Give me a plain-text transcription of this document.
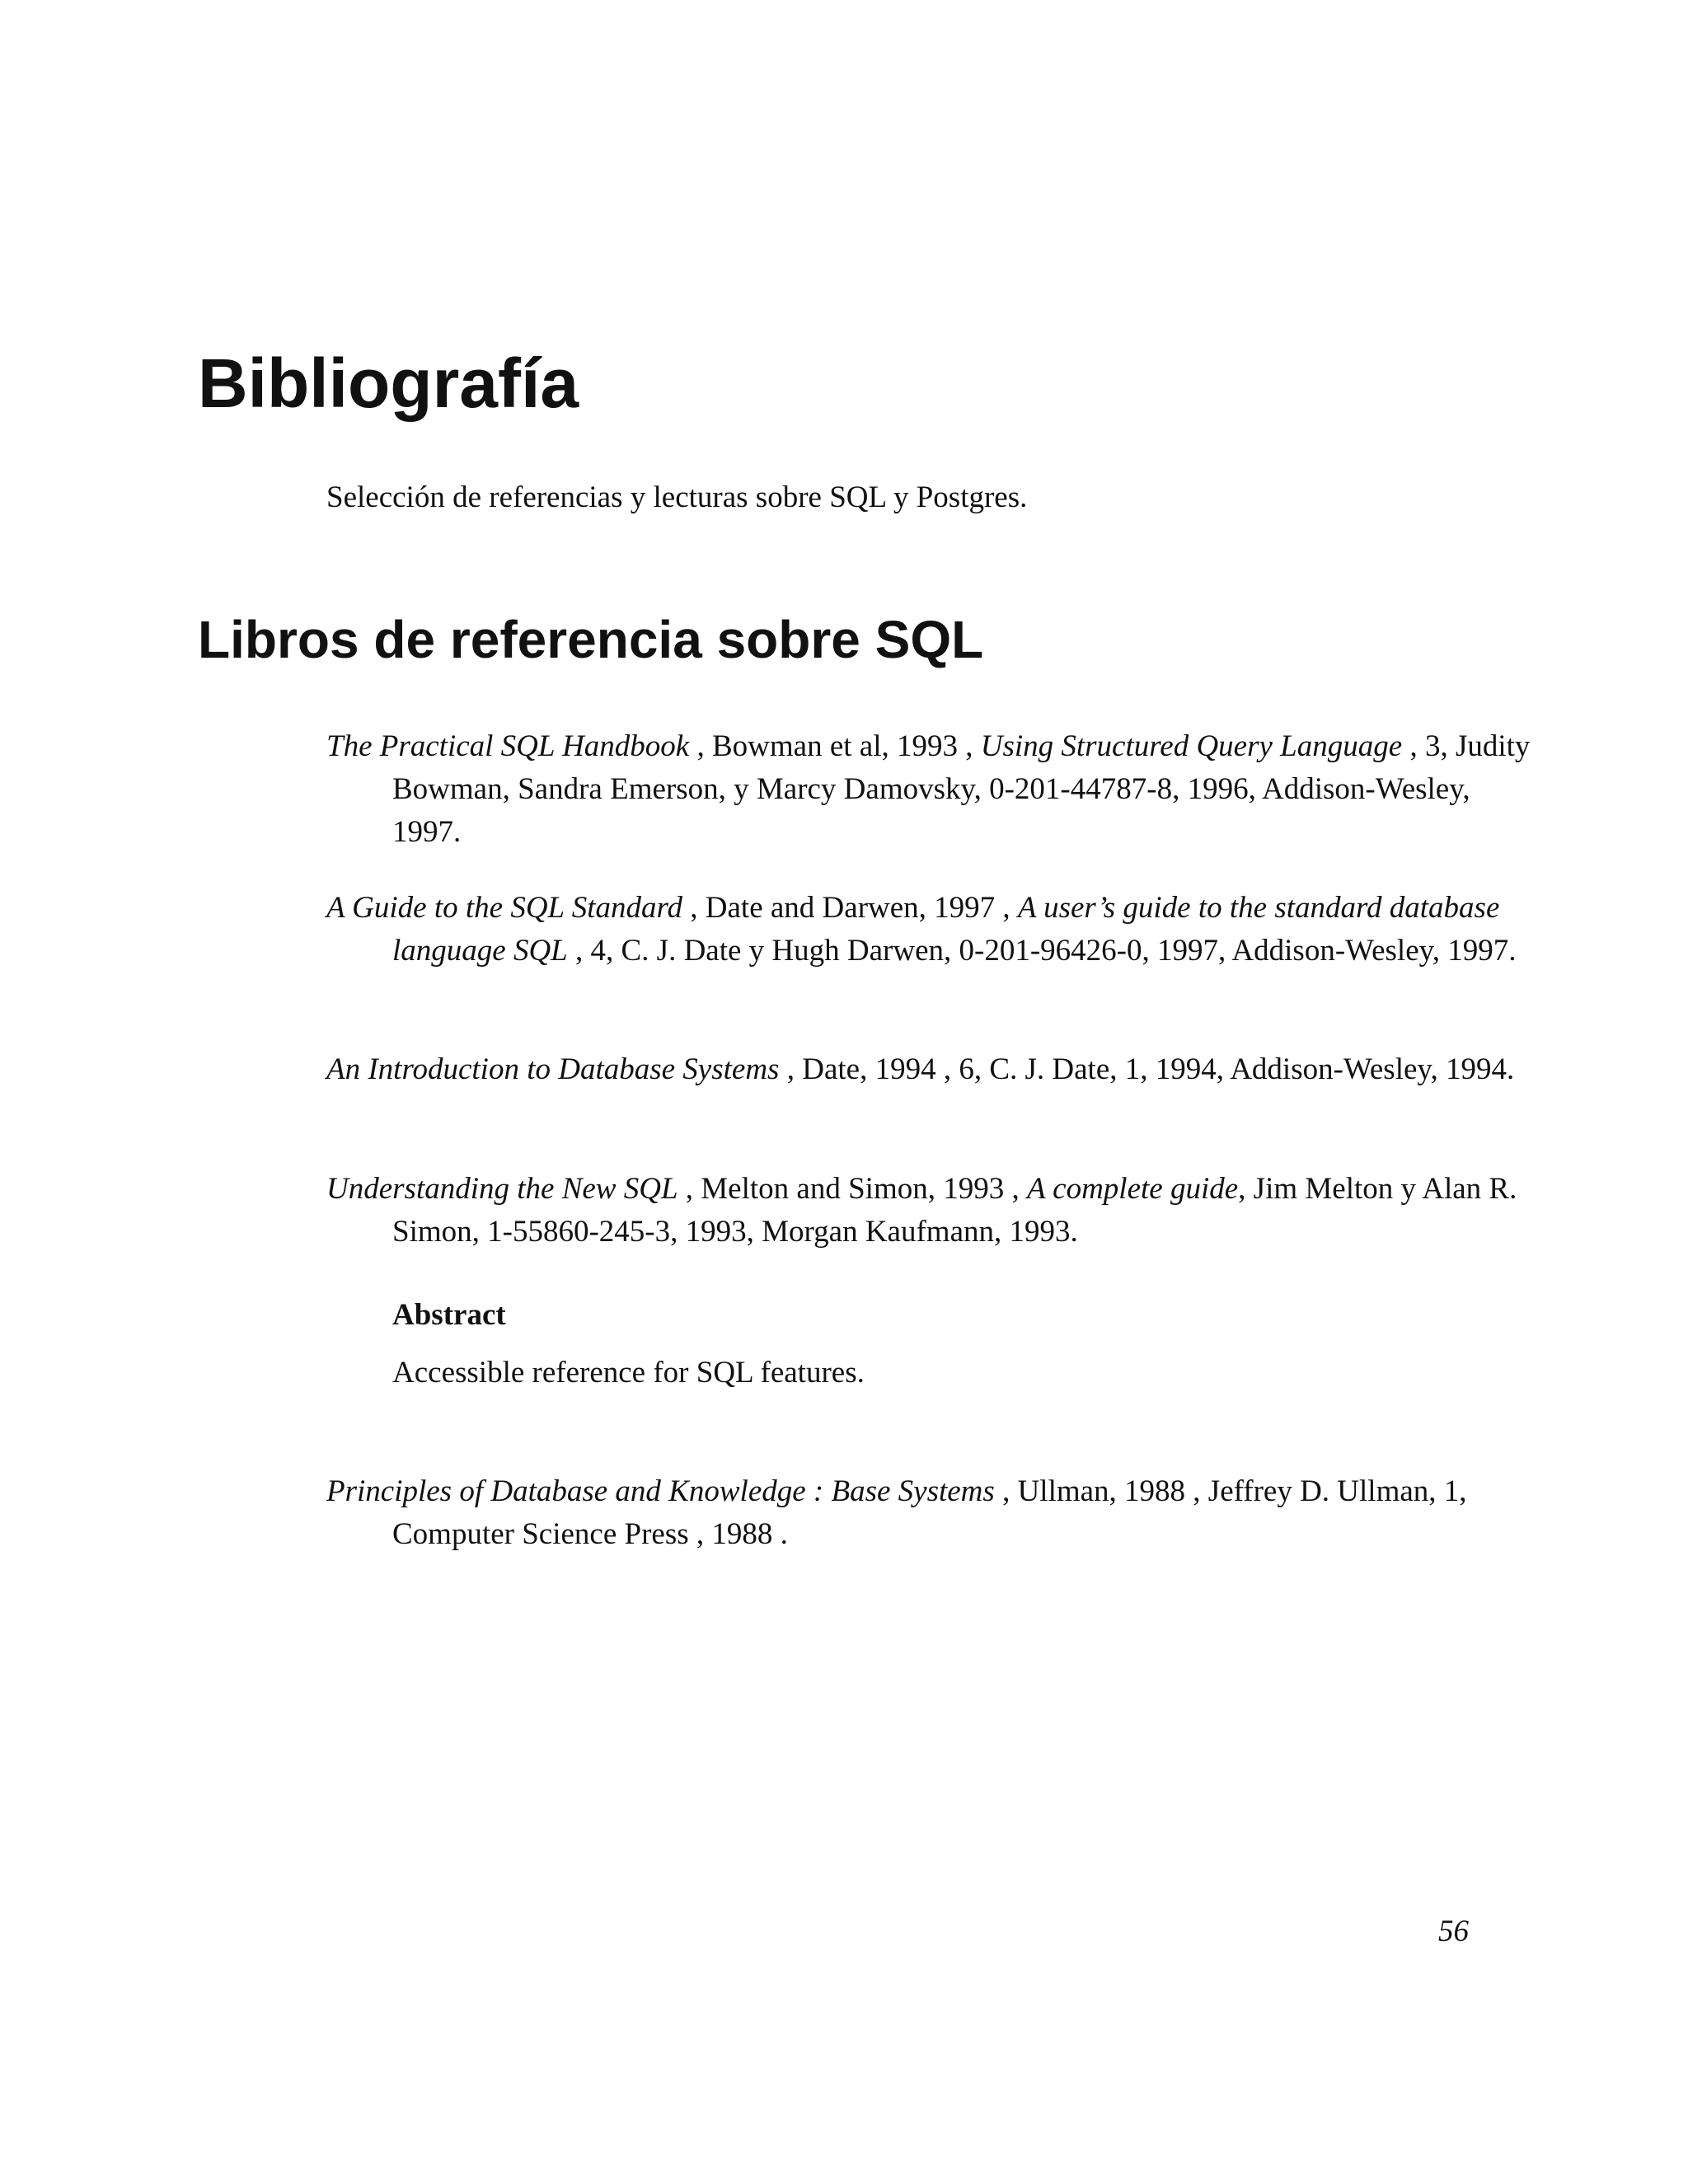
Bibliografía

Selección de referencias y lecturas sobre SQL y Postgres.

Libros de referencia sobre SQL

The Practical SQL Handbook , Bowman et al, 1993 , Using Structured Query Language , 3, Judity Bowman, Sandra Emerson, y Marcy Damovsky, 0-201-44787-8, 1996, Addison-Wesley, 1997.

A Guide to the SQL Standard , Date and Darwen, 1997 , A user’s guide to the standard database language SQL , 4, C. J. Date y Hugh Darwen, 0-201-96426-0, 1997, Addison-Wesley, 1997.

An Introduction to Database Systems , Date, 1994 , 6, C. J. Date, 1, 1994, Addison-Wesley, 1994.

Understanding the New SQL , Melton and Simon, 1993 , A complete guide, Jim Melton y Alan R. Simon, 1-55860-245-3, 1993, Morgan Kaufmann, 1993.

Abstract

Accessible reference for SQL features.

Principles of Database and Knowledge : Base Systems , Ullman, 1988 , Jeffrey D. Ullman, 1, Computer Science Press , 1988 .

56
